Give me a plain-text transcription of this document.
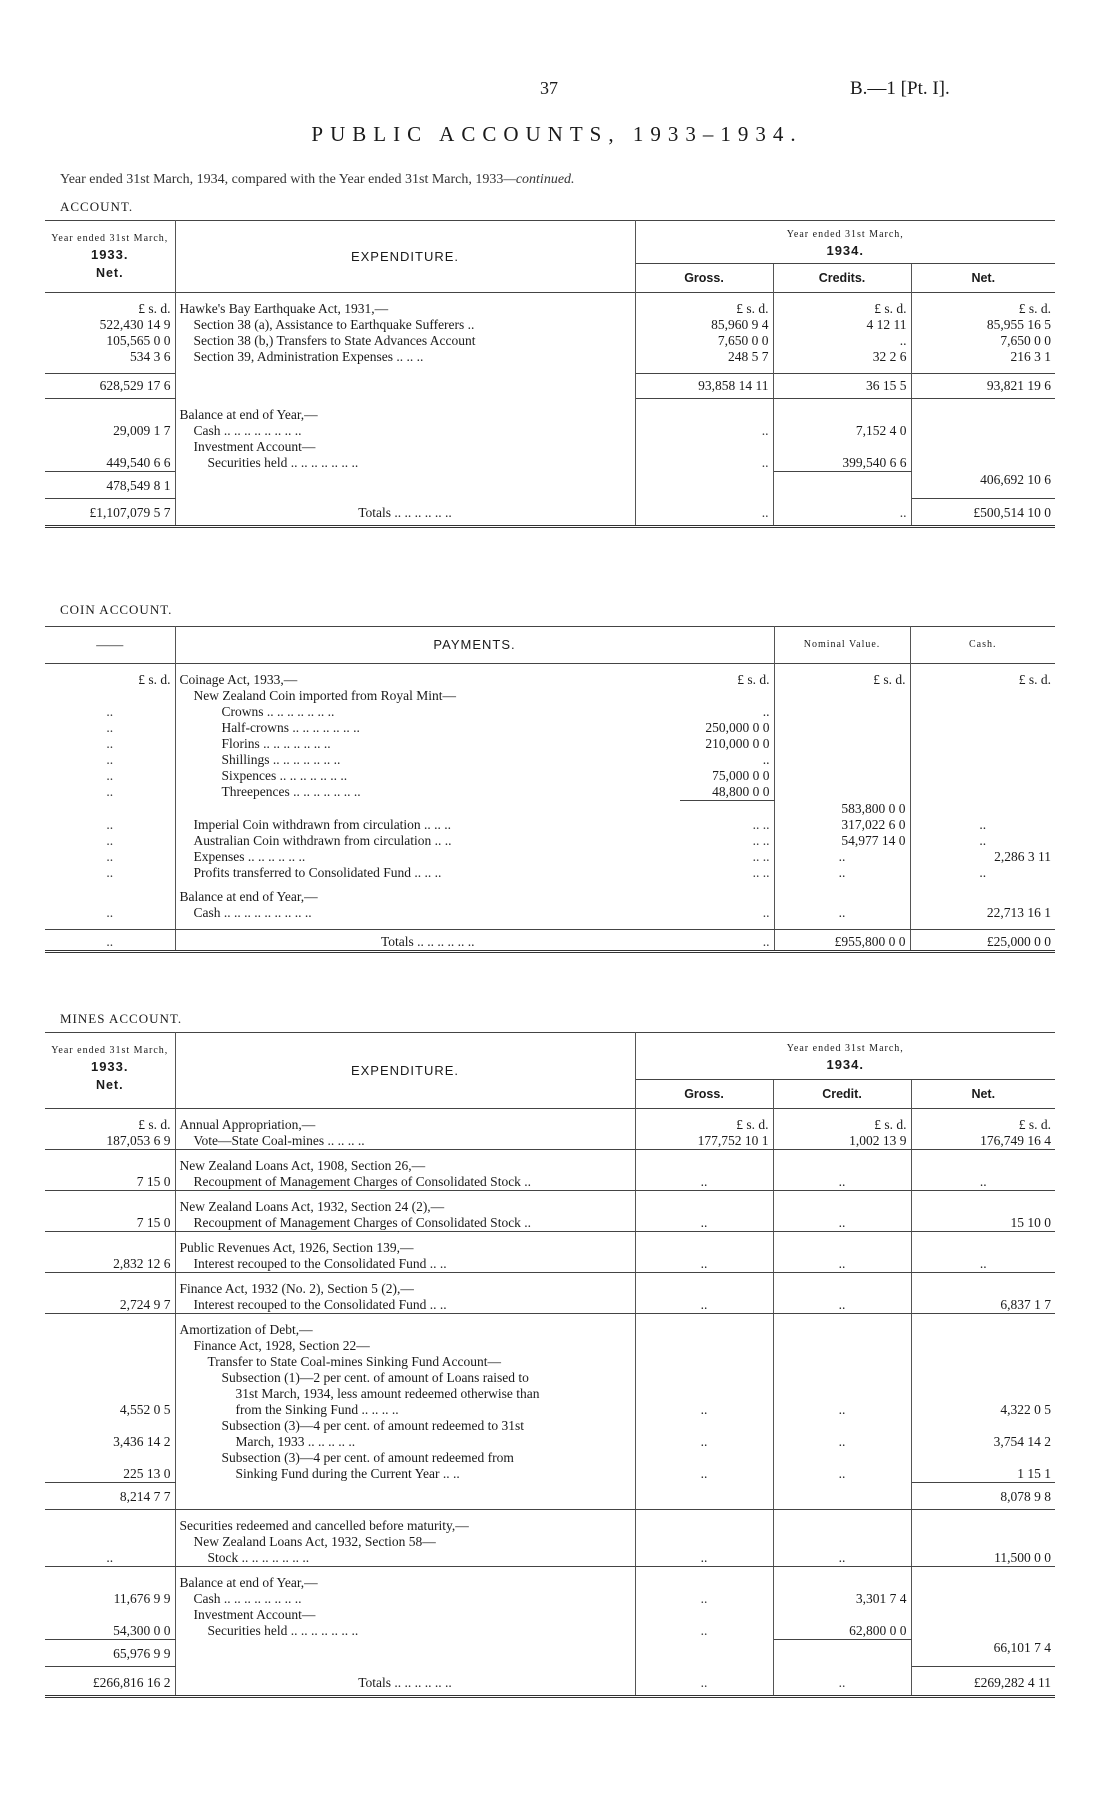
37	B.—1 [Pt. I].
PUBLIC ACCOUNTS, 1933–1934.
Year ended 31st March, 1934, compared with the Year ended 31st March, 1933—continued.
ACCOUNT.
Year ended 31st March,
1933.
Net.	EXPENDITURE.	Year ended 31st March,
1934.		
		Gross.	Credits.	Net.

£ s. d.	Hawke's Bay Earthquake Act, 1931,—	£ s. d.	£ s. d.	£ s. d.
522,430 14 9	Section 38 (a), Assistance to Earthquake Sufferers ..	85,960 9 4	4 12 11	85,955 16 5
105,565 0 0	Section 38 (b,) Transfers to State Advances Account	7,650 0 0	..	7,650 0 0
534 3 6	Section 39, Administration Expenses .. .. ..	248 5 7	32 2 6	216 3 1

628,529 17 6		93,858 14 11	36 15 5	93,821 19 6

	Balance at end of Year,—			
29,009 1 7	Cash .. .. .. .. .. .. .. ..	..	7,152 4 0	
	Investment Account—			
449,540 6 6	Securities held .. .. .. .. .. .. ..	..	399,540 6 6	
478,549 8 1				406,692 10 6
£1,107,079 5 7	Totals .. .. .. .. .. ..	..	..	£500,514 10 0
COIN ACCOUNT.
——	PAYMENTS.		Nominal Value.	Cash.

£ s. d.	Coinage Act, 1933,—	£ s. d.	£ s. d.	£ s. d.
	New Zealand Coin imported from Royal Mint—			
..	Crowns .. .. .. .. .. .. ..	..		
..	Half-crowns .. .. .. .. .. .. ..	250,000 0 0		
..	Florins .. .. .. .. .. .. ..	210,000 0 0		
..	Shillings .. .. .. .. .. .. ..	..		
..	Sixpences .. .. .. .. .. .. ..	75,000 0 0		
..	Threepences .. .. .. .. .. .. ..	48,800 0 0		
			583,800 0 0	
..	Imperial Coin withdrawn from circulation .. .. ..	.. ..	317,022 6 0	..
..	Australian Coin withdrawn from circulation .. ..	.. ..	54,977 14 0	..
..	Expenses .. .. .. .. .. ..	.. ..	..	2,286 3 11
..	Profits transferred to Consolidated Fund .. .. ..	.. ..	..	..

	Balance at end of Year,—			
..	Cash .. .. .. .. .. .. .. .. ..	..	..	22,713 16 1

..	Totals .. .. .. .. .. ..	..	£955,800 0 0	£25,000 0 0
MINES ACCOUNT.
Year ended 31st March,
1933.
Net.	EXPENDITURE.	Year ended 31st March,
1934.		
		Gross.	Credit.	Net.

£ s. d.	Annual Appropriation,—	£ s. d.	£ s. d.	£ s. d.
187,053 6 9	Vote—State Coal-mines .. .. .. ..	177,752 10 1	1,002 13 9	176,749 16 4

	New Zealand Loans Act, 1908, Section 26,—			
7 15 0	Recoupment of Management Charges of Consolidated Stock ..	..	..	..

	New Zealand Loans Act, 1932, Section 24 (2),—			
7 15 0	Recoupment of Management Charges of Consolidated Stock ..	..	..	15 10 0

	Public Revenues Act, 1926, Section 139,—			
2,832 12 6	Interest recouped to the Consolidated Fund .. ..	..	..	..

	Finance Act, 1932 (No. 2), Section 5 (2),—			
2,724 9 7	Interest recouped to the Consolidated Fund .. ..	..	..	6,837 1 7

	Amortization of Debt,—			
	Finance Act, 1928, Section 22—			
	Transfer to State Coal-mines Sinking Fund Account—			
	Subsection (1)—2 per cent. of amount of Loans raised to			
	31st March, 1934, less amount redeemed otherwise than			
4,552 0 5	from the Sinking Fund .. .. .. ..	..	..	4,322 0 5
	Subsection (3)—4 per cent. of amount redeemed to 31st			
3,436 14 2	March, 1933 .. .. .. .. ..	..	..	3,754 14 2
	Subsection (3)—4 per cent. of amount redeemed from			
225 13 0	Sinking Fund during the Current Year .. ..	..	..	1 15 1
8,214 7 7				8,078 9 8

	Securities redeemed and cancelled before maturity,—			
	New Zealand Loans Act, 1932, Section 58—			
..	Stock .. .. .. .. .. .. ..	..	..	11,500 0 0

	Balance at end of Year,—			
11,676 9 9	Cash .. .. .. .. .. .. .. ..	..	3,301 7 4	
	Investment Account—			
54,300 0 0	Securities held .. .. .. .. .. .. ..	..	62,800 0 0	
65,976 9 9				66,101 7 4
£266,816 16 2	Totals .. .. .. .. .. ..	..	..	£269,282 4 11
